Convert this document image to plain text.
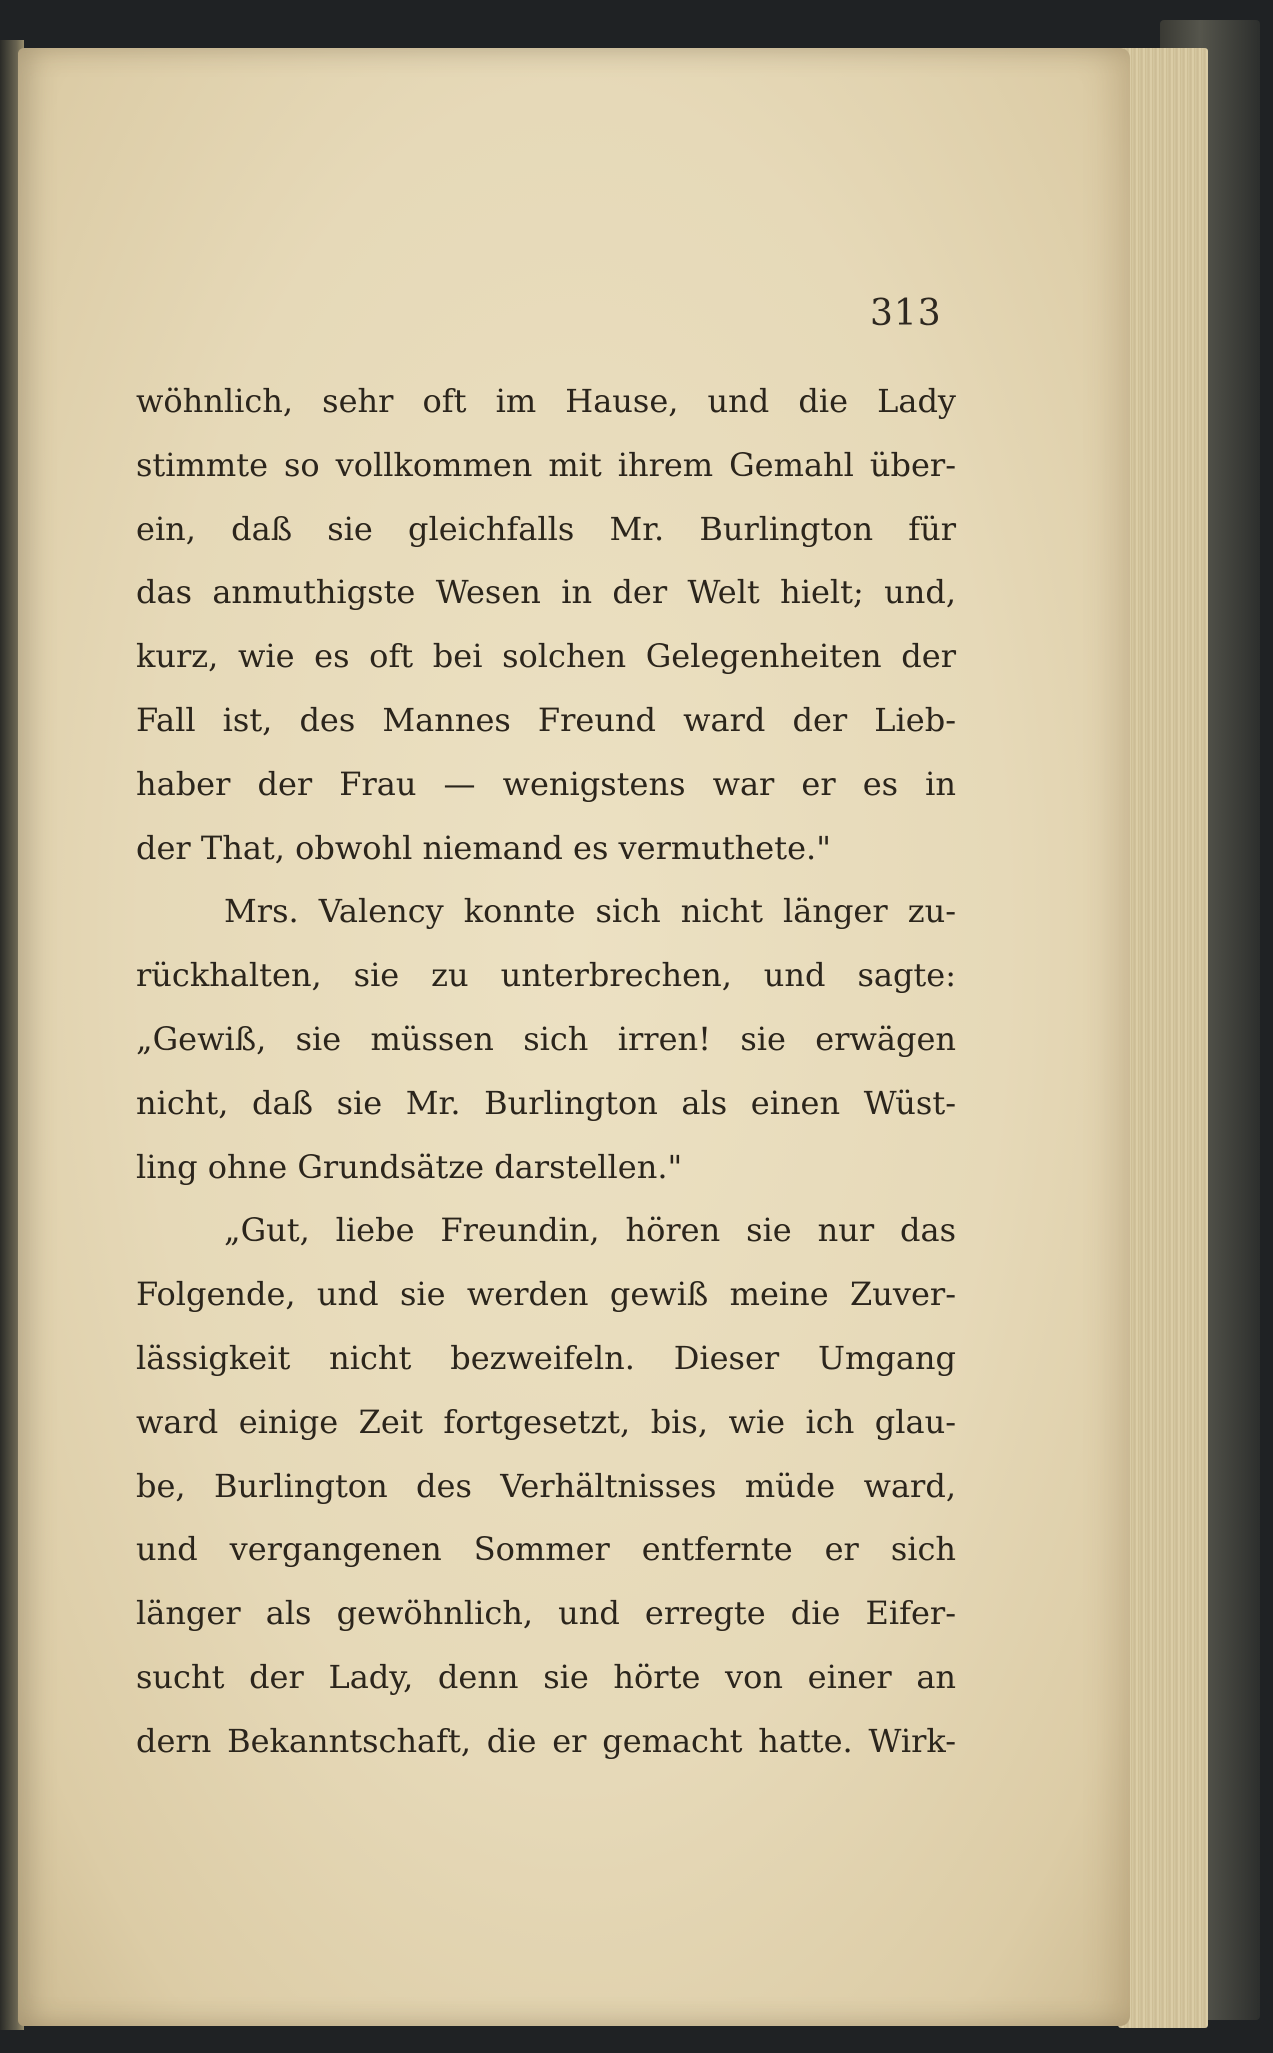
313
wöhnlich, sehr oft im Hause, und die Lady
stimmte so vollkommen mit ihrem Gemahl über-
ein, daß sie gleichfalls Mr. Burlington für
das anmuthigste Wesen in der Welt hielt; und,
kurz, wie es oft bei solchen Gelegenheiten der
Fall ist, des Mannes Freund ward der Lieb-
haber der Frau — wenigstens war er es in
der That, obwohl niemand es vermuthete."
Mrs. Valency konnte sich nicht länger zu-
rückhalten, sie zu unterbrechen, und sagte:
„Gewiß, sie müssen sich irren! sie erwägen
nicht, daß sie Mr. Burlington als einen Wüst-
ling ohne Grundsätze darstellen."
„Gut, liebe Freundin, hören sie nur das
Folgende, und sie werden gewiß meine Zuver-
lässigkeit nicht bezweifeln. Dieser Umgang
ward einige Zeit fortgesetzt, bis, wie ich glau-
be, Burlington des Verhältnisses müde ward,
und vergangenen Sommer entfernte er sich
länger als gewöhnlich, und erregte die Eifer-
sucht der Lady, denn sie hörte von einer an
dern Bekanntschaft, die er gemacht hatte. Wirk-
